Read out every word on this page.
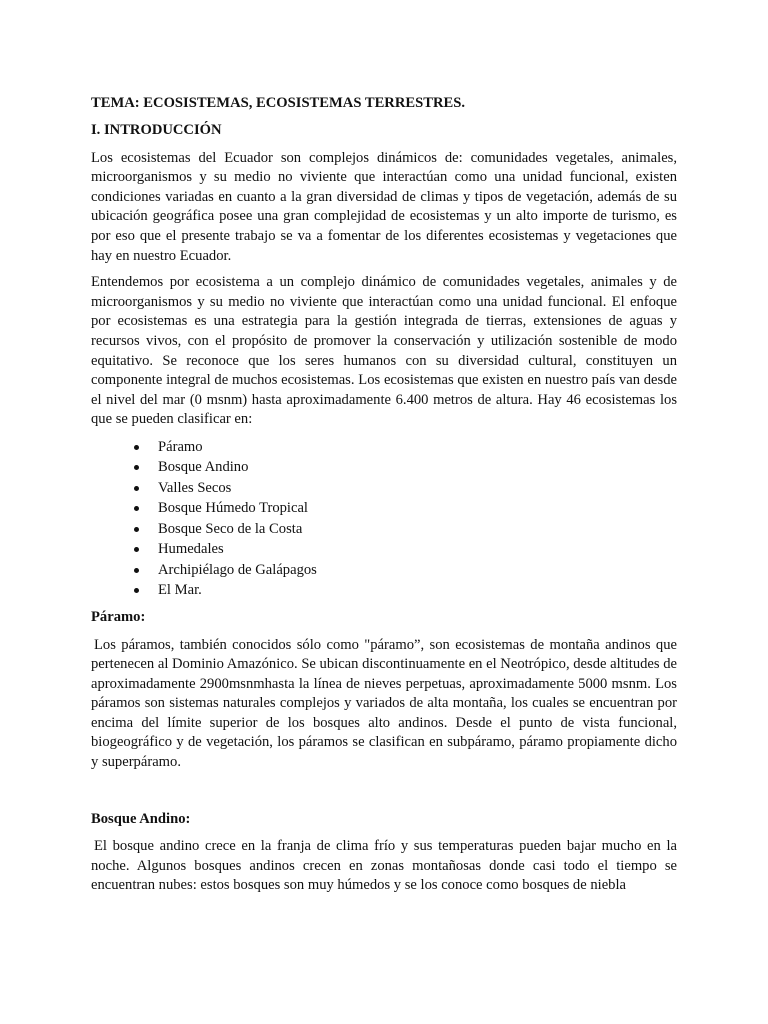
TEMA: ECOSISTEMAS, ECOSISTEMAS TERRESTRES.
I. INTRODUCCIÓN

Los ecosistemas del Ecuador son complejos dinámicos de: comunidades vegetales, animales, microorganismos y su medio no viviente que interactúan como una unidad funcional, existen condiciones variadas en cuanto a la gran diversidad de climas y tipos de vegetación, además de su ubicación geográfica posee una gran complejidad de ecosistemas y un alto importe de turismo, es por eso que el presente trabajo se va a fomentar de los diferentes ecosistemas y vegetaciones que hay en nuestro Ecuador.

Entendemos por ecosistema a un complejo dinámico de comunidades vegetales, animales y de microorganismos y su medio no viviente que interactúan como una unidad funcional. El enfoque por ecosistemas es una estrategia para la gestión integrada de tierras, extensiones de aguas y recursos vivos, con el propósito de promover la conservación y utilización sostenible de modo equitativo. Se reconoce que los seres humanos con su diversidad cultural, constituyen un componente integral de muchos ecosistemas. Los ecosistemas que existen en nuestro país van desde el nivel del mar (0 msnm) hasta aproximadamente 6.400 metros de altura. Hay 46 ecosistemas los que se pueden clasificar en:

Páramo
Bosque Andino
Valles Secos
Bosque Húmedo Tropical
Bosque Seco de la Costa
Humedales
Archipiélago de Galápagos
El Mar.
Páramo:

Los páramos, también conocidos sólo como "páramo”, son ecosistemas de montaña andinos que pertenecen al Dominio Amazónico. Se ubican discontinuamente en el Neotrópico, desde altitudes de aproximadamente 2900msnmhasta la línea de nieves perpetuas, aproximadamente 5000 msnm. Los páramos son sistemas naturales complejos y variados de alta montaña, los cuales se encuentran por encima del límite superior de los bosques alto andinos. Desde el punto de vista funcional, biogeográfico y de vegetación, los páramos se clasifican en subpáramo, páramo propiamente dicho y superpáramo.

Bosque Andino:

El bosque andino crece en la franja de clima frío y sus temperaturas pueden bajar mucho en la noche. Algunos bosques andinos crecen en zonas montañosas donde casi todo el tiempo se encuentran nubes: estos bosques son muy húmedos y se los conoce como bosques de niebla
